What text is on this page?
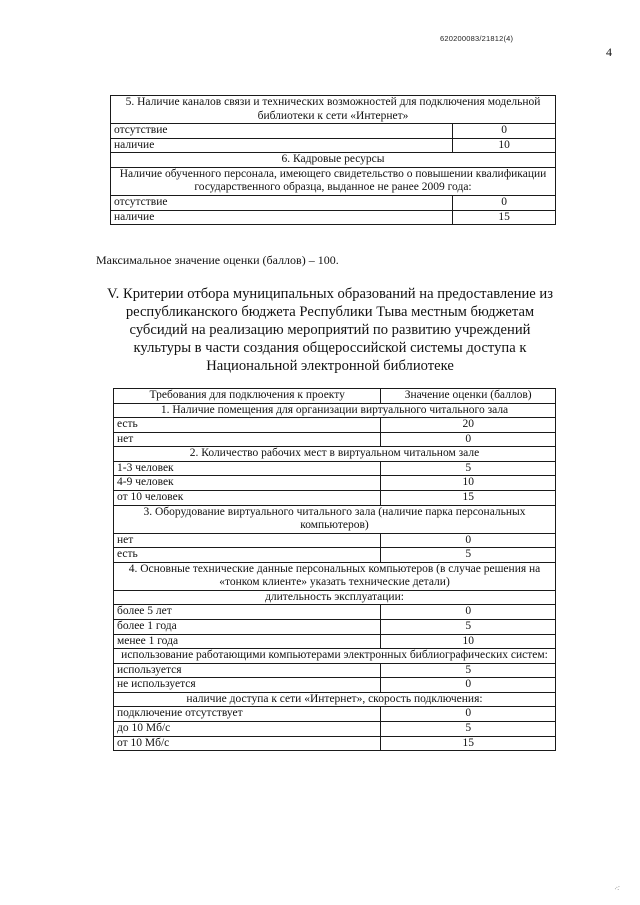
620200083/21812(4)
4
5. Наличие каналов связи и технических возможностей для подключения модельной библиотеки к сети «Интернет»	
отсутствие	0
наличие	10
6. Кадровые ресурсы	
Наличие обученного персонала, имеющего свидетельство о повышении квалификации государственного образца, выданное не ранее 2009 года:	
отсутствие	0
наличие	15
Максимальное значение оценки (баллов) – 100.
V. Критерии отбора муниципальных образований на предоставление из республиканского бюджета Республики Тыва местным бюджетам субсидий на реализацию мероприятий по развитию учреждений культуры в части создания общероссийской системы доступа к Национальной электронной библиотеке
Требования для подключения к проекту	Значение оценки (баллов)
1. Наличие помещения для организации виртуального читального зала	
есть	20
нет	0
2. Количество рабочих мест в виртуальном читальном зале	
1-3 человек	5
4-9 человек	10
от 10 человек	15
3. Оборудование виртуального читального зала (наличие парка персональных компьютеров)	
нет	0
есть	5
4. Основные технические данные персональных компьютеров (в случае решения на «тонком клиенте» указать технические детали)	
длительность эксплуатации:	
более 5 лет	0
более 1 года	5
менее 1 года	10
использование работающими компьютерами электронных библиографических систем:	
используется	5
не используется	0
наличие доступа к сети «Интернет», скорость подключения:	
подключение отсутствует	0
до 10 Мб/с	5
от 10 Мб/с	15
·:·
